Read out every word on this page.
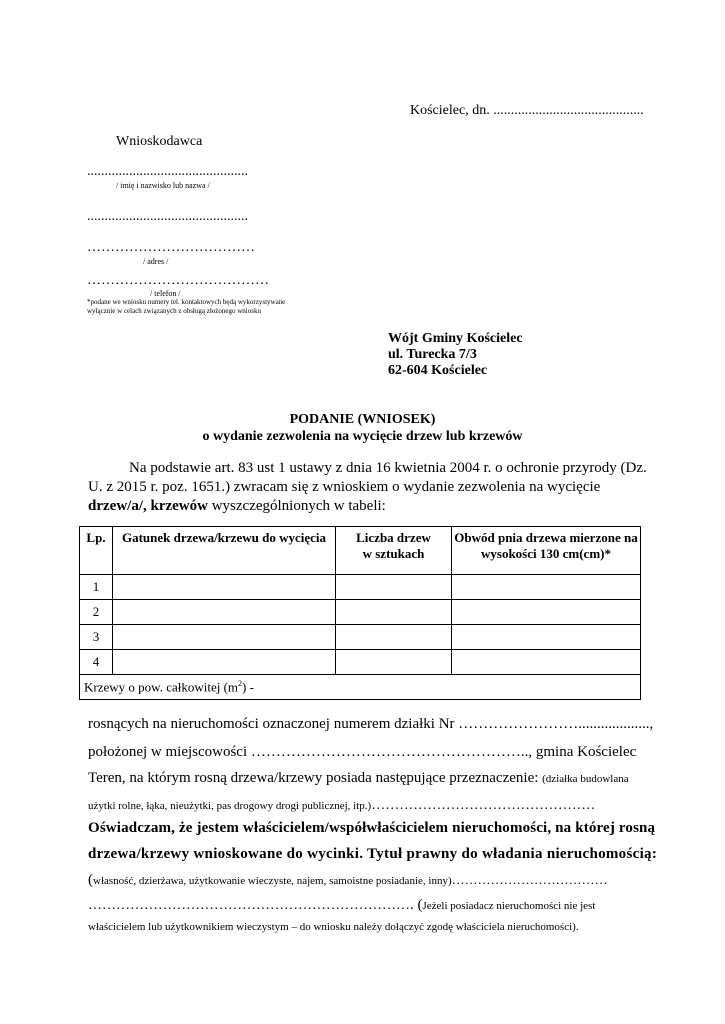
Kościelec, dn. ...........................................
Wnioskodawca
..............................................
/ imię i nazwisko lub nazwa /
..............................................
………………………………
/ adres /
…………………………………
/ telefon /
*podane we wniosku numery tel. kontaktowych będą wykorzystywane
wyłącznie w celach związanych z obsługą złożonego wniosku
Wójt Gminy Kościelec
ul. Turecka 7/3
62-604 Kościelec
PODANIE (WNIOSEK)
o wydanie zezwolenia na wycięcie drzew lub krzewów
Na podstawie art. 83 ust 1 ustawy z dnia 16 kwietnia 2004 r. o ochronie przyrody (Dz.
U. z 2015 r. poz. 1651.) zwracam się z wnioskiem o wydanie zezwolenia na wycięcie
drzew/a/, krzewów wyszczególnionych w tabeli:
Lp.	Gatunek drzewa/krzewu do wycięcia	Liczba drzew w sztukach	Obwód pnia drzewa mierzone na wysokości 130 cm(cm)*
1			
2			
3			
4			
Krzewy o pow. całkowitej $(m^2)$ -			
rosnących na nieruchomości oznaczonej numerem działki Nr ……………………...................,
położonej w miejscowości ……………………………………………….., gmina Kościelec
Teren, na którym rosną drzewa/krzewy posiada następujące przeznaczenie: (działka budowlana
użytki rolne, łąka, nieużytki, pas drogowy drogi publicznej, itp.)…………………………………………
Oświadczam, że jestem właścicielem/współwłaścicielem nieruchomości, na której rosną
drzewa/krzewy wnioskowane do wycinki. Tytuł prawny do władania nieruchomością:
(własność, dzierżawa, użytkowanie wieczyste, najem, samoistne posiadanie, inny)………………………………
……………………………………………………………. (Jeżeli posiadacz nieruchomości nie jest
właścicielem lub użytkownikiem wieczystym – do wniosku należy dołączyć zgodę właściciela nieruchomości).
